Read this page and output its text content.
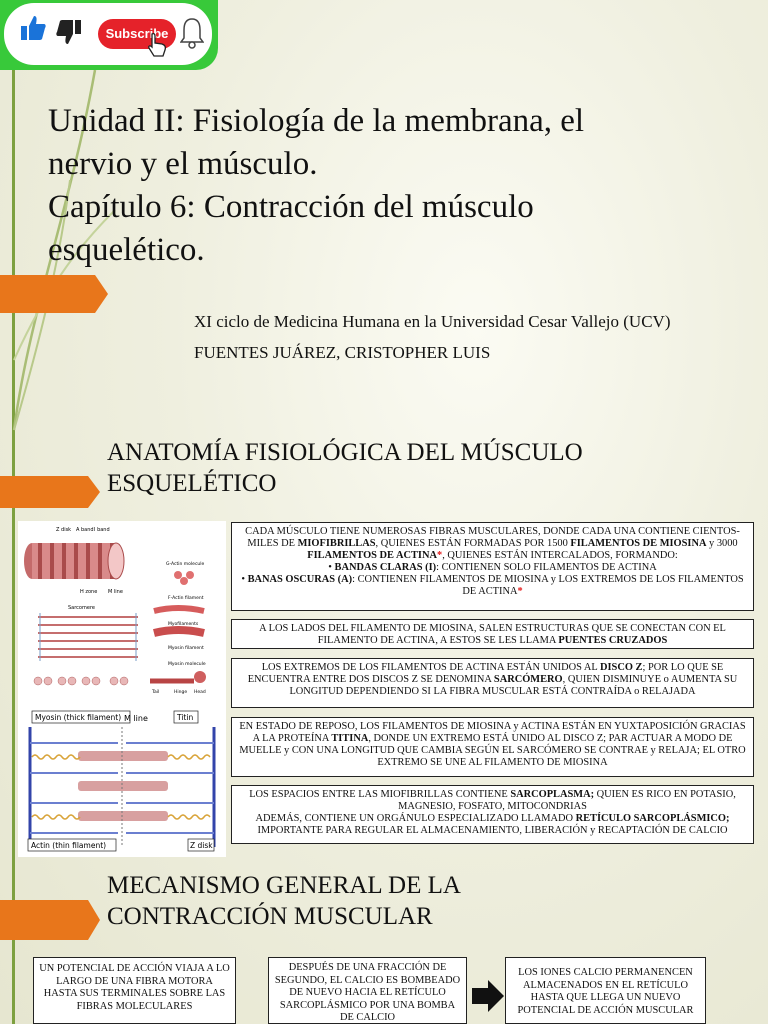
Subscribe
Unidad II: Fisiología de la membrana, el
nervio y el músculo.
Capítulo 6: Contracción del músculo
esquelético.
XI ciclo de Medicina Humana en la Universidad Cesar Vallejo (UCV)
FUENTES JUÁREZ, CRISTOPHER LUIS
ANATOMÍA FISIOLÓGICA DEL MÚSCULO
ESQUELÉTICO
Z disk A band I band
H zone M line
Sarcomere
G-Actin molecule
F-Actin filament
Myofilaments
Myosin filament
Myosin molecule
Tail	Hinge Head
Myosin (thick filament) M line	Titin
Actin (thin filament)	Z disk
CADA MÚSCULO TIENE NUMEROSAS FIBRAS MUSCULARES, DONDE CADA UNA CONTIENE CIENTOS-MILES DE MIOFIBRILLAS, QUIENES ESTÁN FORMADAS POR 1500 FILAMENTOS DE MIOSINA y 3000 FILAMENTOS DE ACTINA*, QUIENES ESTÁN INTERCALADOS, FORMANDO:
• BANDAS CLARAS (I): CONTIENEN SOLO FILAMENTOS DE ACTINA
• BANAS OSCURAS (A): CONTIENEN FILAMENTOS DE MIOSINA y LOS EXTREMOS DE LOS FILAMENTOS DE ACTINA*
A LOS LADOS DEL FILAMENTO DE MIOSINA, SALEN ESTRUCTURAS QUE SE CONECTAN CON EL FILAMENTO DE ACTINA, A ESTOS SE LES LLAMA PUENTES CRUZADOS
LOS EXTREMOS DE LOS FILAMENTOS DE ACTINA ESTÁN UNIDOS AL DISCO Z; POR LO QUE SE ENCUENTRA ENTRE DOS DISCOS Z SE DENOMINA SARCÓMERO, QUIEN DISMINUYE o AUMENTA SU LONGITUD DEPENDIENDO SI LA FIBRA MUSCULAR ESTÁ CONTRAÍDA o RELAJADA
EN ESTADO DE REPOSO, LOS FILAMENTOS DE MIOSINA y ACTINA ESTÁN EN YUXTAPOSICIÓN GRACIAS A LA PROTEÍNA TITINA, DONDE UN EXTREMO ESTÁ UNIDO AL DISCO Z; PAR ACTUAR A MODO DE MUELLE y CON UNA LONGITUD QUE CAMBIA SEGÚN EL SARCÓMERO SE CONTRAE y RELAJA; EL OTRO EXTREMO SE UNE AL FILAMENTO DE MIOSINA
LOS ESPACIOS ENTRE LAS MIOFIBRILLAS CONTIENE SARCOPLASMA; QUIEN ES RICO EN POTASIO, MAGNESIO, FOSFATO, MITOCONDRIAS
ADEMÁS, CONTIENE UN ORGÁNULO ESPECIALIZADO LLAMADO RETÍCULO SARCOPLÁSMICO; IMPORTANTE PARA REGULAR EL ALMACENAMIENTO, LIBERACIÓN y RECAPTACIÓN DE CALCIO
MECANISMO GENERAL DE LA
CONTRACCIÓN MUSCULAR
UN POTENCIAL DE ACCIÓN VIAJA A LO LARGO DE UNA FIBRA MOTORA HASTA SUS TERMINALES SOBRE LAS FIBRAS MOLECULARES
DESPUÉS DE UNA FRACCIÓN DE SEGUNDO, EL CALCIO ES BOMBEADO DE NUEVO HACIA EL RETÍCULO SARCOPLÁSMICO POR UNA BOMBA DE CALCIO
LOS IONES CALCIO PERMANENCEN ALMACENADOS EN EL RETÍCULO HASTA QUE LLEGA UN NUEVO POTENCIAL DE ACCIÓN MUSCULAR
